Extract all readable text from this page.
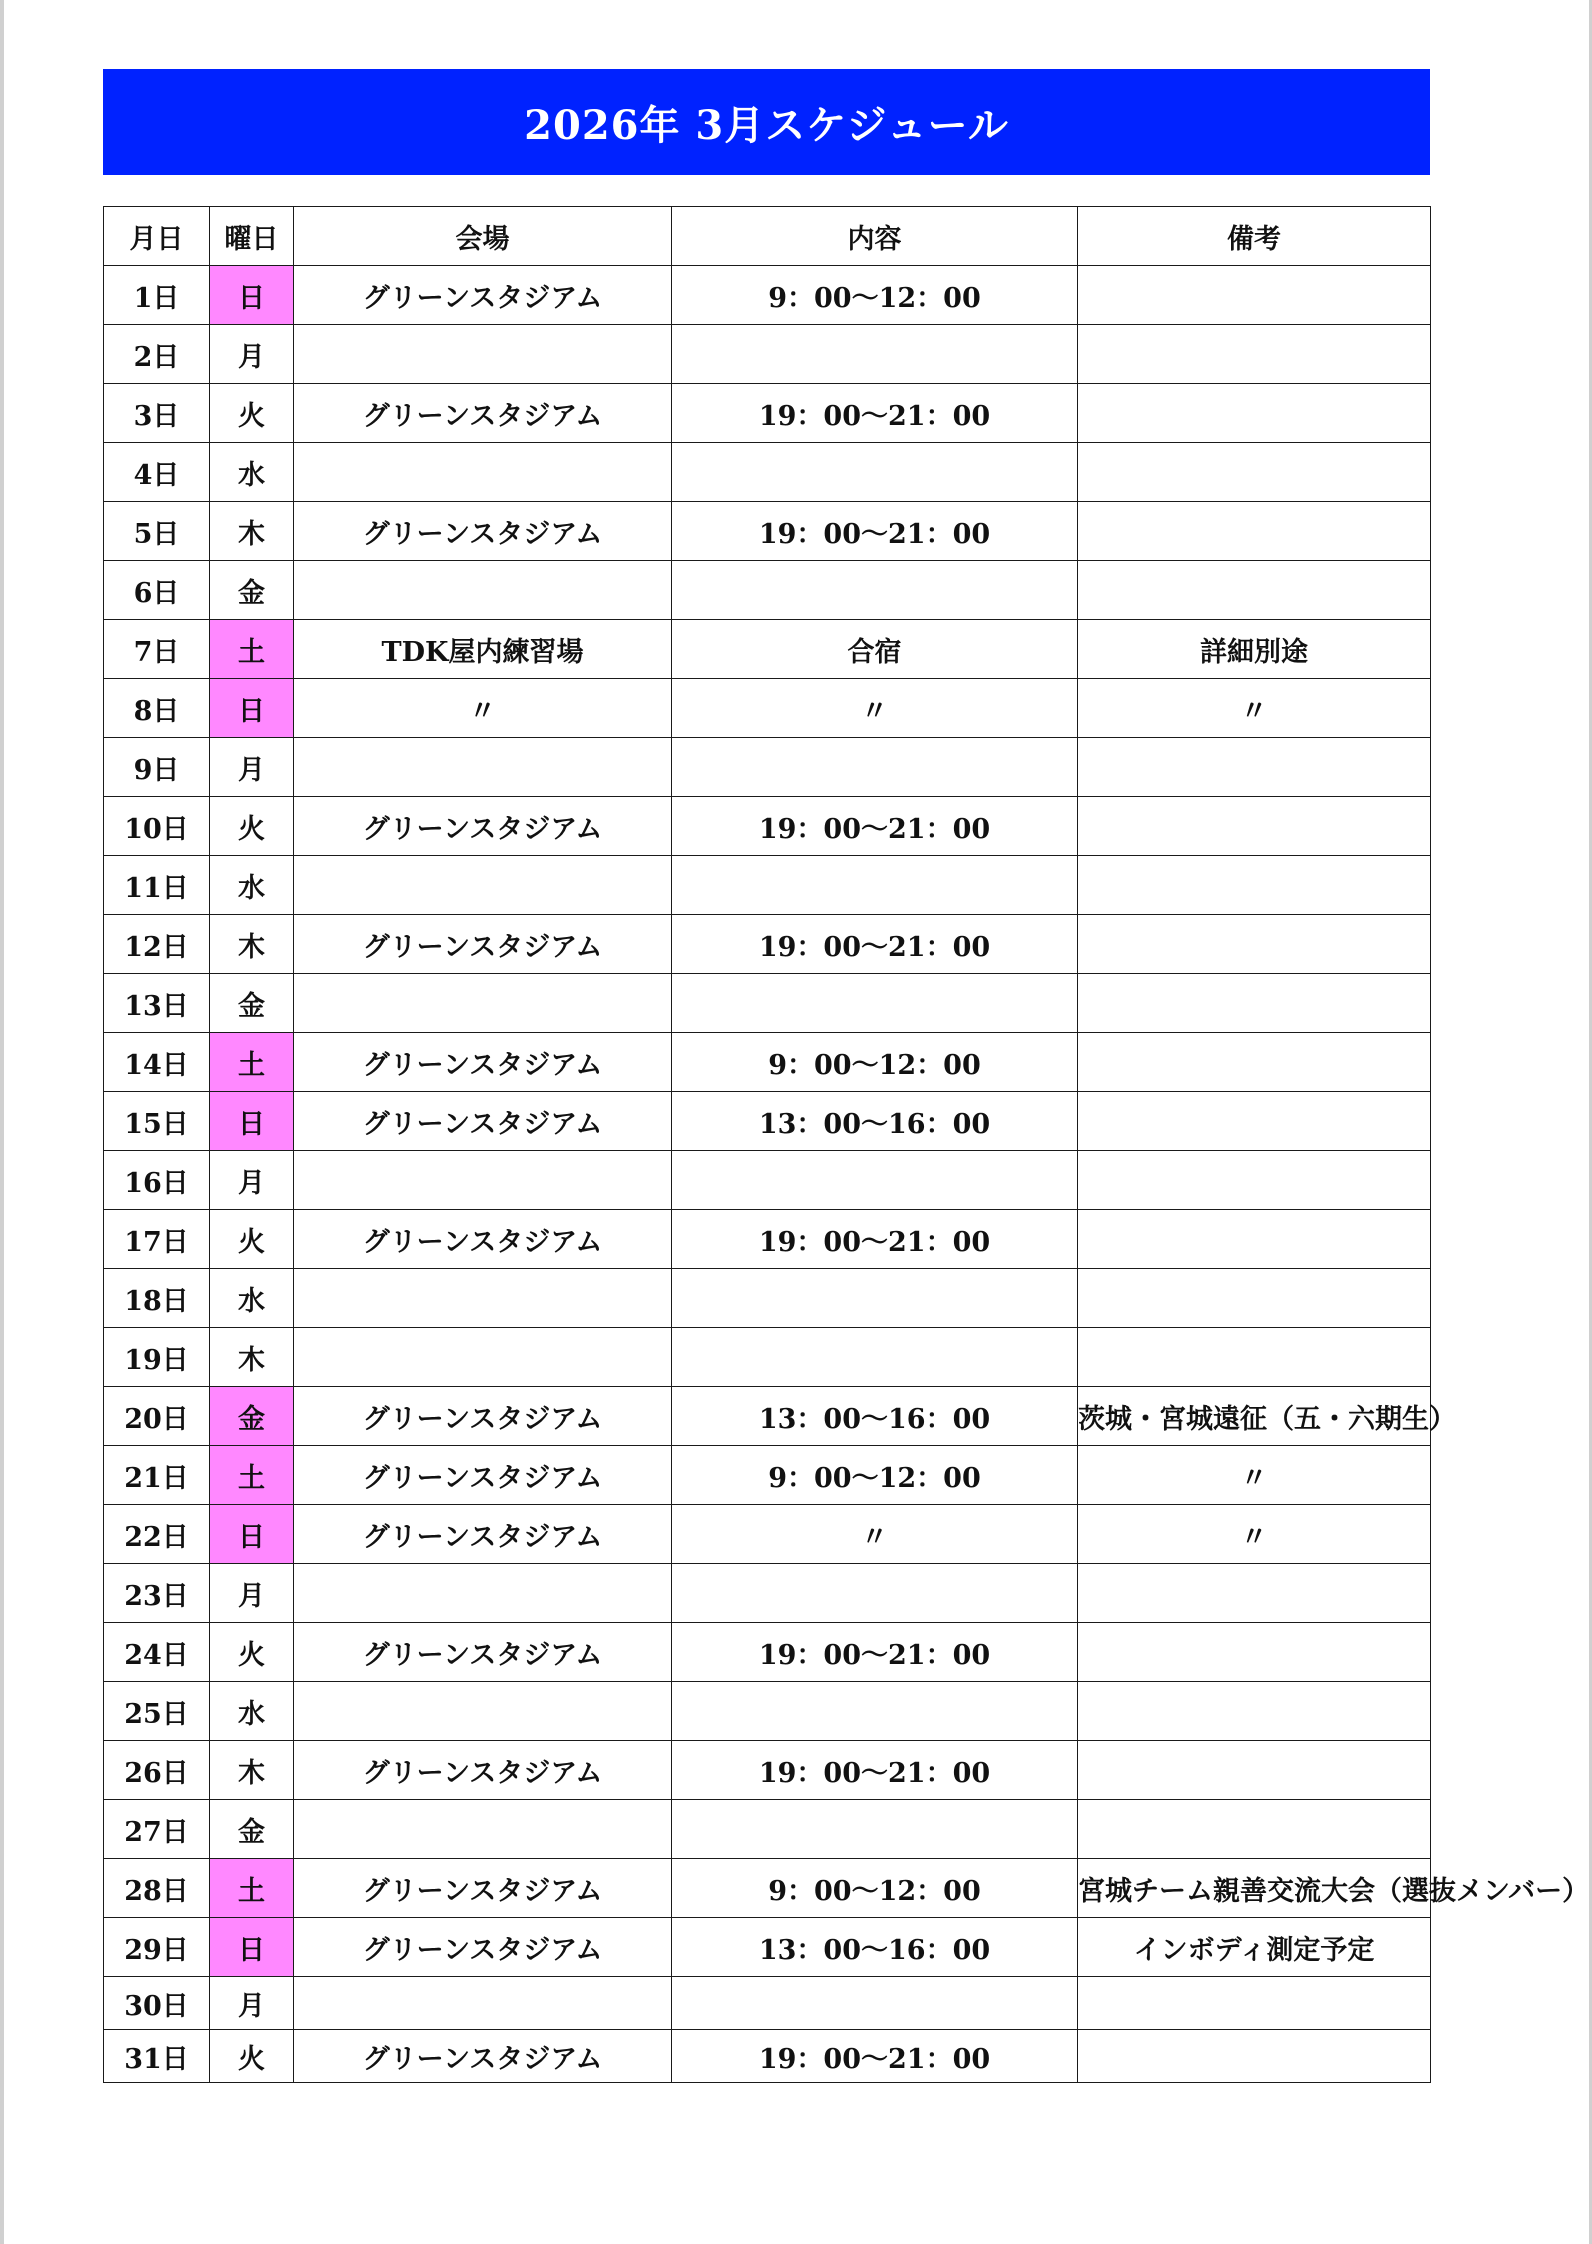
2026年 3月スケジュール
月日	曜日	会場	内容	備考
1日	日	グリーンスタジアム	9：00～12：00	
2日	月			
3日	火	グリーンスタジアム	19：00～21：00	
4日	水			
5日	木	グリーンスタジアム	19：00～21：00	
6日	金			
7日	土	TDK屋内練習場	合宿	詳細別途
8日	日	〃	〃	〃
9日	月			
10日	火	グリーンスタジアム	19：00～21：00	
11日	水			
12日	木	グリーンスタジアム	19：00～21：00	
13日	金			
14日	土	グリーンスタジアム	9：00～12：00	
15日	日	グリーンスタジアム	13：00～16：00	
16日	月			
17日	火	グリーンスタジアム	19：00～21：00	
18日	水			
19日	木			
20日	金	グリーンスタジアム	13：00～16：00	茨城・宮城遠征（五・六期生）
21日	土	グリーンスタジアム	9：00～12：00	〃
22日	日	グリーンスタジアム	〃	〃
23日	月			
24日	火	グリーンスタジアム	19：00～21：00	
25日	水			
26日	木	グリーンスタジアム	19：00～21：00	
27日	金			
28日	土	グリーンスタジアム	9：00～12：00	宮城チーム親善交流大会（選抜メンバー）
29日	日	グリーンスタジアム	13：00～16：00	インボディ測定予定
30日	月			
31日	火	グリーンスタジアム	19：00～21：00	
